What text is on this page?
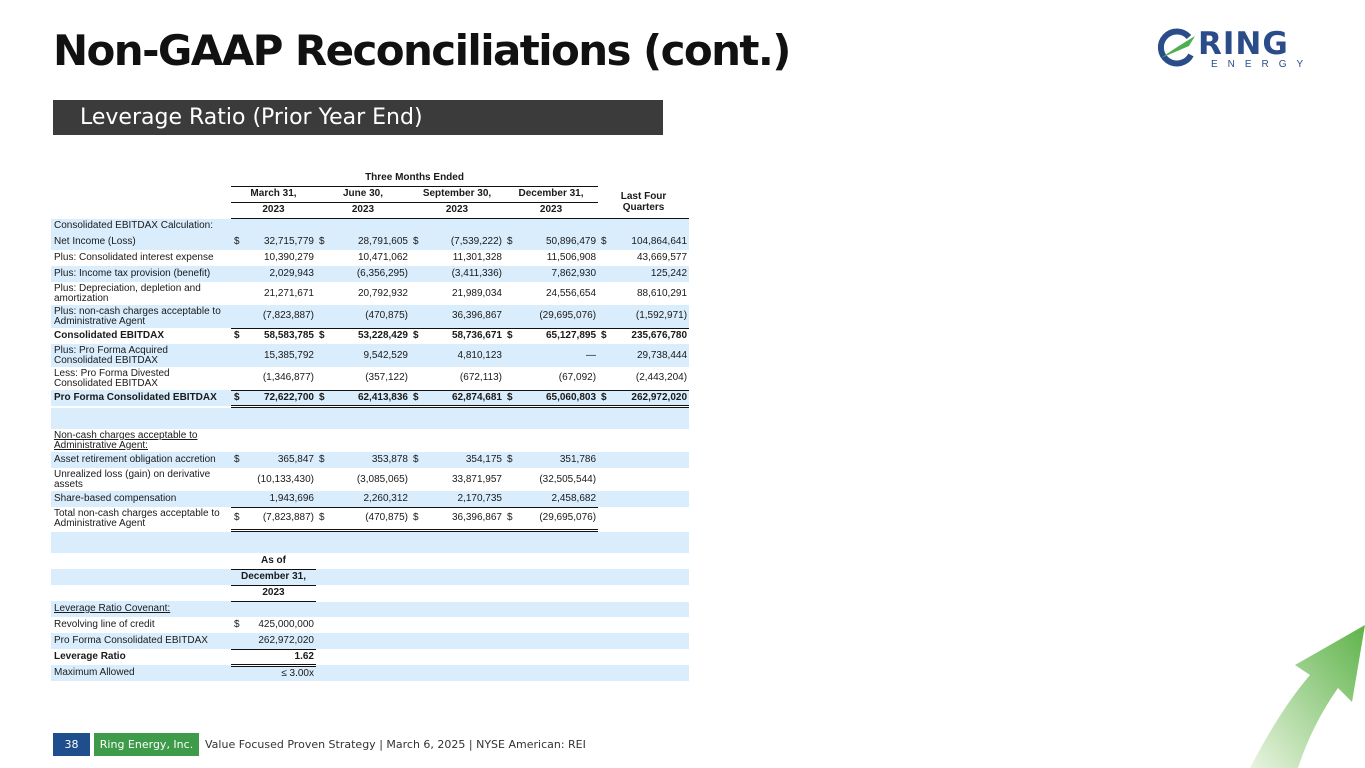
Non-GAAP Reconciliations (cont.)	RING
ENERGY
Leverage Ratio (Prior Year End)
	Three Months Ended									
	March 31,		June 30,		September 30,		December 31,		Last Four Quarters	
	2023		2023		2023		2023			
Consolidated EBITDAX Calculation:										
Net Income (Loss)	$	32,715,779	$	28,791,605	$	(7,539,222)	$	50,896,479	$	104,864,641
Plus: Consolidated interest expense		10,390,279		10,471,062		11,301,328		11,506,908		43,669,577
Plus: Income tax provision (benefit)		2,029,943		(6,356,295)		(3,411,336)		7,862,930		125,242
Plus: Depreciation, depletion and amortization		21,271,671		20,792,932		21,989,034		24,556,654		88,610,291
Plus: non-cash charges acceptable to Administrative Agent		(7,823,887)		(470,875)		36,396,867		(29,695,076)		(1,592,971)
Consolidated EBITDAX	$	58,583,785	$	53,228,429	$	58,736,671	$	65,127,895	$	235,676,780
Plus: Pro Forma Acquired Consolidated EBITDAX		15,385,792		9,542,529		4,810,123		—		29,738,444
Less: Pro Forma Divested Consolidated EBITDAX		(1,346,877)		(357,122)		(672,113)		(67,092)		(2,443,204)
Pro Forma Consolidated EBITDAX	$	72,622,700	$	62,413,836	$	62,874,681	$	65,060,803	$	262,972,020

Non-cash charges acceptable to Administrative Agent:										
Asset retirement obligation accretion	$	365,847	$	353,878	$	354,175	$	351,786		
Unrealized loss (gain) on derivative assets		(10,133,430)		(3,085,065)		33,871,957		(32,505,544)		
Share-based compensation		1,943,696		2,260,312		2,170,735		2,458,682		
Total non-cash charges acceptable to Administrative Agent	$	(7,823,887)	$	(470,875)	$	36,396,867	$	(29,695,076)		

	As of									
	December 31,									
	2023									
Leverage Ratio Covenant:										
Revolving line of credit	$	425,000,000								
Pro Forma Consolidated EBITDAX		262,972,020								
Leverage Ratio		1.62								
Maximum Allowed		≤ 3.00x								
38	Ring Energy, Inc.	Value Focused Proven Strategy | March 6, 2025 | NYSE American: REI
